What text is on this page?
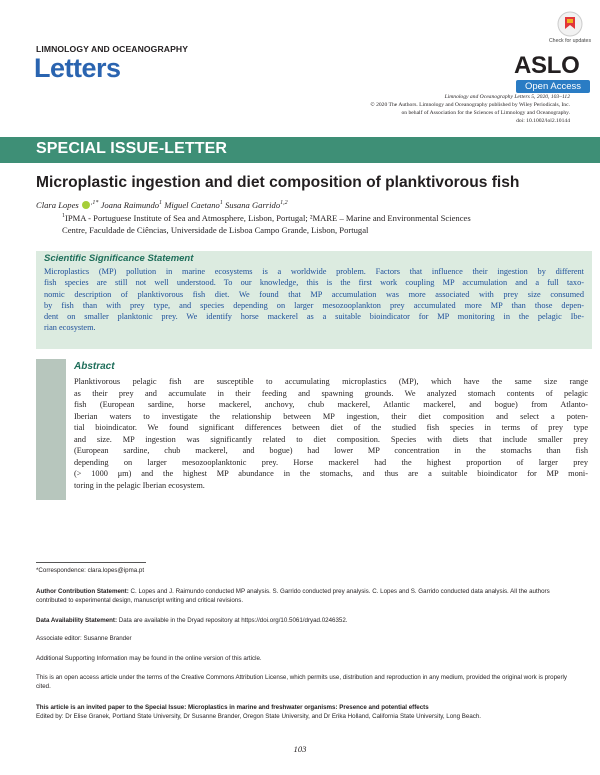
LIMNOLOGY AND OCEANOGRAPHY
Letters
Check for updates
ASLO
Open Access
Limnology and Oceanography Letters 5, 2020, 103–112
© 2020 The Authors. Limnology and Oceanography published by Wiley Periodicals, Inc.
on behalf of Association for the Sciences of Limnology and Oceanography.
doi: 10.1002/lol2.10144
SPECIAL ISSUE-LETTER
Microplastic ingestion and diet composition of planktivorous fish
Clara Lopes $^{,1*}$ Joana Raimundo$^1$ Miguel Caetano$^1$ Susana Garrido$^{1,2}$
$^1$IPMA - Portuguese Institute of Sea and Atmosphere, Lisbon, Portugal; ²MARE – Marine and Environmental Sciences
Centre, Faculdade de Ciências, Universidade de Lisboa Campo Grande, Lisbon, Portugal
Scientific Significance Statement
Microplastics (MP) pollution in marine ecosystems is a worldwide problem. Factors that influence their ingestion by different
fish species are still not well understood. To our knowledge, this is the first work coupling MP accumulation and a full taxo-
nomic description of planktivorous fish diet. We found that MP accumulation was more associated with prey size consumed
by fish than with prey type, and species depending on larger mesozooplankton prey accumulated more MP than those depen-
dent on smaller planktonic prey. We identify horse mackerel as a suitable bioindicator for MP monitoring in the pelagic Ibe-
rian ecosystem.
Abstract
Planktivorous pelagic fish are susceptible to accumulating microplastics (MP), which have the same size range
as their prey and accumulate in their feeding and spawning grounds. We analyzed stomach contents of pelagic
fish (European sardine, horse mackerel, anchovy, chub mackerel, Atlantic mackerel, and bogue) from Atlanto-
Iberian waters to investigate the relationship between MP ingestion, their diet composition and select a poten-
tial bioindicator. We found significant differences between diet of the studied fish species in terms of prey type
and size. MP ingestion was significantly related to diet composition. Species with diets that include smaller prey
(European sardine, chub mackerel, and bogue) had lower MP concentration in the stomachs than fish
depending on larger mesozooplanktonic prey. Horse mackerel had the highest proportion of larger prey
(> 1000 μm) and the highest MP abundance in the stomachs, and thus are a suitable bioindicator for MP moni-
toring in the pelagic Iberian ecosystem.
*Correspondence: clara.lopes@ipma.pt
Author Contribution Statement: C. Lopes and J. Raimundo conducted MP analysis. S. Garrido conducted prey analysis. C. Lopes and S. Garrido conducted data analysis. All the authors contributed to experimental design, manuscript writing and critical revisions.
Data Availability Statement: Data are available in the Dryad repository at https://doi.org/10.5061/dryad.0246352.
Associate editor: Susanne Brander
Additional Supporting Information may be found in the online version of this article.
This is an open access article under the terms of the Creative Commons Attribution License, which permits use, distribution and reproduction in any medium, provided the original work is properly cited.
This article is an invited paper to the Special Issue: Microplastics in marine and freshwater organisms: Presence and potential effects
Edited by: Dr Elise Granek, Portland State University, Dr Susanne Brander, Oregon State University, and Dr Erika Holland, California State University, Long Beach.
103
